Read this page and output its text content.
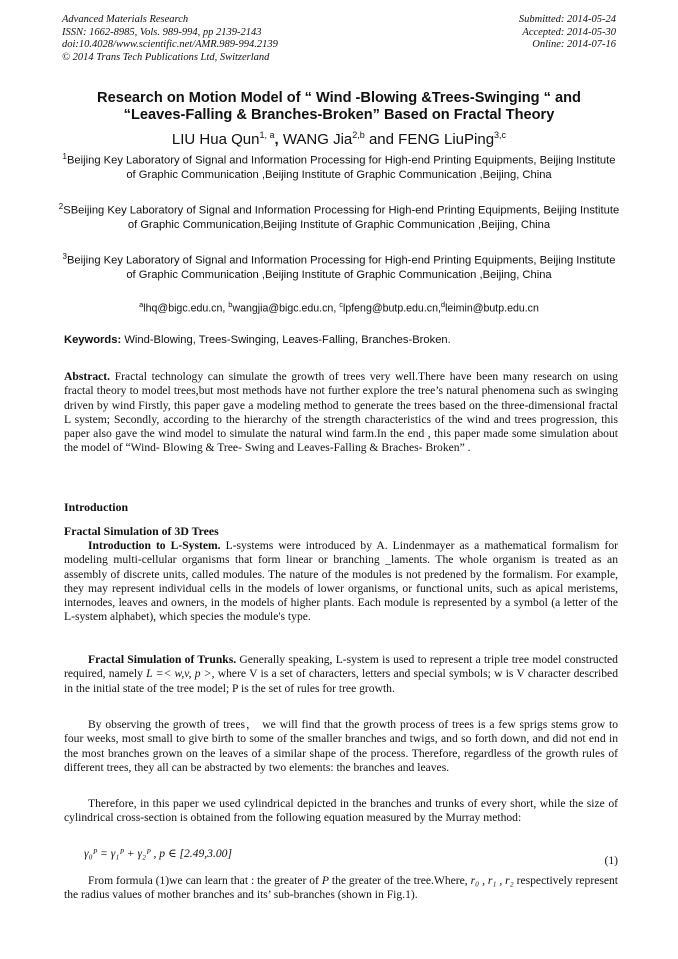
Advanced Materials Research
ISSN: 1662-8985, Vols. 989-994, pp 2139-2143
doi:10.4028/www.scientific.net/AMR.989-994.2139
© 2014 Trans Tech Publications Ltd, Switzerland
Submitted: 2014-05-24
Accepted: 2014-05-30
Online: 2014-07-16
Research on Motion Model of “ Wind -Blowing &Trees-Swinging “ and
“Leaves-Falling & Branches-Broken” Based on Fractal Theory
LIU Hua Qun$^{1, a}$, WANG Jia$^{2,b}$ and FENG LiuPing$^{3,c}$
$^1$Beijing Key Laboratory of Signal and Information Processing for High-end Printing Equipments, Beijing Institute of Graphic Communication ,Beijing Institute of Graphic Communication ,Beijing, China
$^2$SBeijing Key Laboratory of Signal and Information Processing for High-end Printing Equipments, Beijing Institute of Graphic Communication,Beijing Institute of Graphic Communication ,Beijing, China
$^3$Beijing Key Laboratory of Signal and Information Processing for High-end Printing Equipments, Beijing Institute of Graphic Communication ,Beijing Institute of Graphic Communication ,Beijing, China
$^a$lhq@bigc.edu.cn, $^b$wangjia@bigc.edu.cn, $^c$lpfeng@butp.edu.cn,$^d$leimin@butp.edu.cn
Keywords: Wind-Blowing, Trees-Swinging, Leaves-Falling, Branches-Broken.
Abstract. Fractal technology can simulate the growth of trees very well.There have been many research on using fractal theory to model trees,but most methods have not further explore the tree’s natural phenomena such as swinging driven by wind Firstly, this paper gave a modeling method to generate the trees based on the three-dimensional fractal L system; Secondly, according to the hierarchy of the strength characteristics of the wind and trees progression, this paper also gave the wind model to simulate the natural wind farm.In the end , this paper made some simulation about the model of “Wind- Blowing & Tree- Swing and Leaves-Falling & Braches- Broken” .
Introduction
Fractal Simulation of 3D Trees
Introduction to L-System. L-systems were introduced by A. Lindenmayer as a mathematical formalism for modeling multi-cellular organisms that form linear or branching _laments. The whole organism is treated as an assembly of discrete units, called modules. The nature of the modules is not predened by the formalism. For example, they may represent individual cells in the models of lower organisms, or functional units, such as apical meristems, internodes, leaves and owners, in the models of higher plants. Each module is represented by a symbol (a letter of the L-system alphabet), which species the module's type.
Fractal Simulation of Trunks. Generally speaking, L-system is used to represent a triple tree model constructed required, namely L =< w,v, p >, where V is a set of characters, letters and special symbols; w is V character described in the initial state of the tree model; P is the set of rules for tree growth.
By observing the growth of trees， we will find that the growth process of trees is a few sprigs stems grow to four weeks, most small to give birth to some of the smaller branches and twigs, and so forth down, and did not end in the most branches grown on the leaves of a similar shape of the process. Therefore, regardless of the growth rules of different trees, they all can be abstracted by two elements: the branches and leaves.
Therefore, in this paper we used cylindrical depicted in the branches and trunks of every short, while the size of cylindrical cross-section is obtained from the following equation measured by the Murray method:
γ₀ᴾ = γ₁ᴾ + γ₂ᴾ , p ∈ [2.49,3.00]
(1)
From formula (1)we can learn that : the greater of P the greater of the tree.Where, r₀ , r₁ , r₂ respectively represent the radius values of mother branches and its’ sub-branches (shown in Fig.1).
